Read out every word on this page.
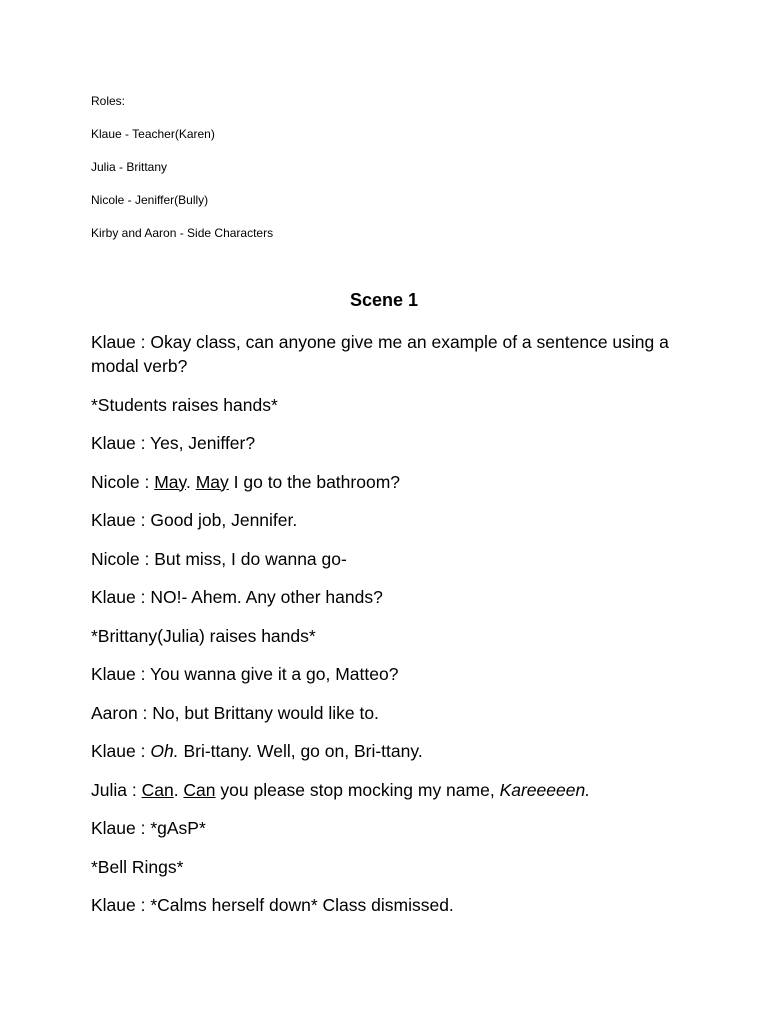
Roles:

Klaue - Teacher(Karen)

Julia - Brittany

Nicole - Jeniffer(Bully)

Kirby and Aaron - Side Characters

Scene 1

Klaue : Okay class, can anyone give me an example of a sentence using a modal verb?

*Students raises hands*

Klaue : Yes, Jeniffer?

Nicole : May. May I go to the bathroom?

Klaue : Good job, Jennifer.

Nicole : But miss, I do wanna go-

Klaue : NO!- Ahem. Any other hands?

*Brittany(Julia) raises hands*

Klaue : You wanna give it a go, Matteo?

Aaron : No, but Brittany would like to.

Klaue : Oh. Bri-ttany. Well, go on, Bri-ttany.

Julia : Can. Can you please stop mocking my name, Kareeeeen.

Klaue : *gAsP*

*Bell Rings*

Klaue : *Calms herself down* Class dismissed.
